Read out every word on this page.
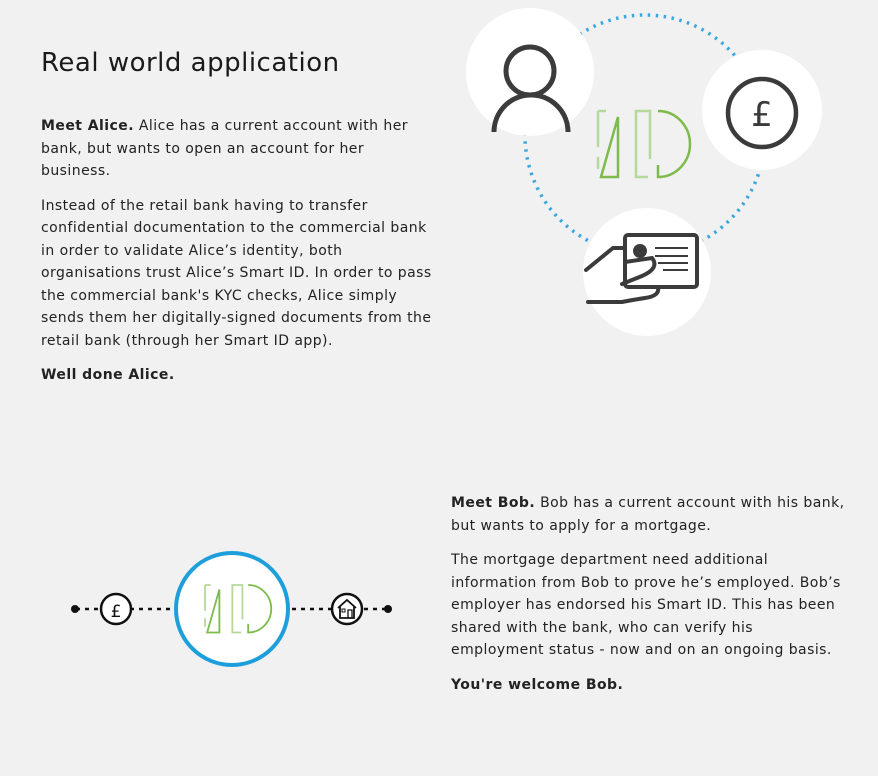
Real world application

Meet Alice. Alice has a current account with her bank, but wants to open an account for her business.

Instead of the retail bank having to transfer confidential documentation to the commercial bank in order to validate Alice’s identity, both organisations trust Alice’s Smart ID. In order to pass the commercial bank's KYC checks, Alice simply sends them her digitally-signed documents from the retail bank (through her Smart ID app).

Well done Alice.

Meet Bob. Bob has a current account with his bank, but wants to apply for a mortgage.

The mortgage department need additional information from Bob to prove he’s employed. Bob’s employer has endorsed his Smart ID. This has been shared with the bank, who can verify his employment status - now and on an ongoing basis.

You're welcome Bob.

£
£
